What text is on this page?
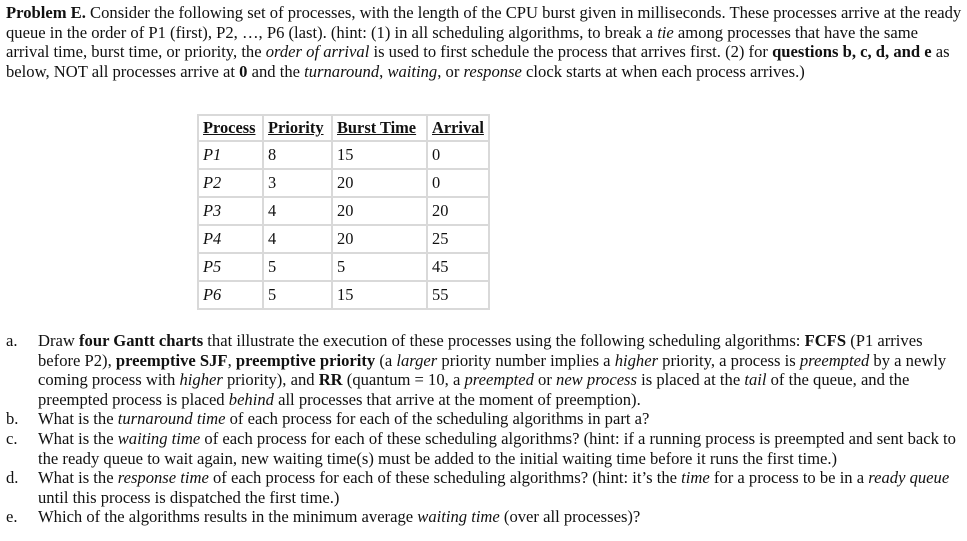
Problem E. Consider the following set of processes, with the length of the CPU burst given in milliseconds. These processes arrive at the ready queue in the order of P1 (first), P2, …, P6 (last). (hint: (1) in all scheduling algorithms, to break a tie among processes that have the same arrival time, burst time, or priority, the order of arrival is used to first schedule the process that arrives first. (2) for questions b, c, d, and e as below, NOT all processes arrive at 0 and the turnaround, waiting, or response clock starts at when each process arrives.)

Process	Priority	Burst Time	Arrival
P1	8	15	0
P2	3	20	0
P3	4	20	20
P4	4	20	25
P5	5	5	45
P6	5	15	55
a. Draw four Gantt charts that illustrate the execution of these processes using the following scheduling algorithms: FCFS (P1 arrives before P2), preemptive SJF, preemptive priority (a larger priority number implies a higher priority, a process is preempted by a newly coming process with higher priority), and RR (quantum = 10, a preempted or new process is placed at the tail of the queue, and the preempted process is placed behind all processes that arrive at the moment of preemption).
b. What is the turnaround time of each process for each of the scheduling algorithms in part a?
c. What is the waiting time of each process for each of these scheduling algorithms? (hint: if a running process is preempted and sent back to the ready queue to wait again, new waiting time(s) must be added to the initial waiting time before it runs the first time.)
d. What is the response time of each process for each of these scheduling algorithms? (hint: it’s the time for a process to be in a ready queue until this process is dispatched the first time.)
e. Which of the algorithms results in the minimum average waiting time (over all processes)?
